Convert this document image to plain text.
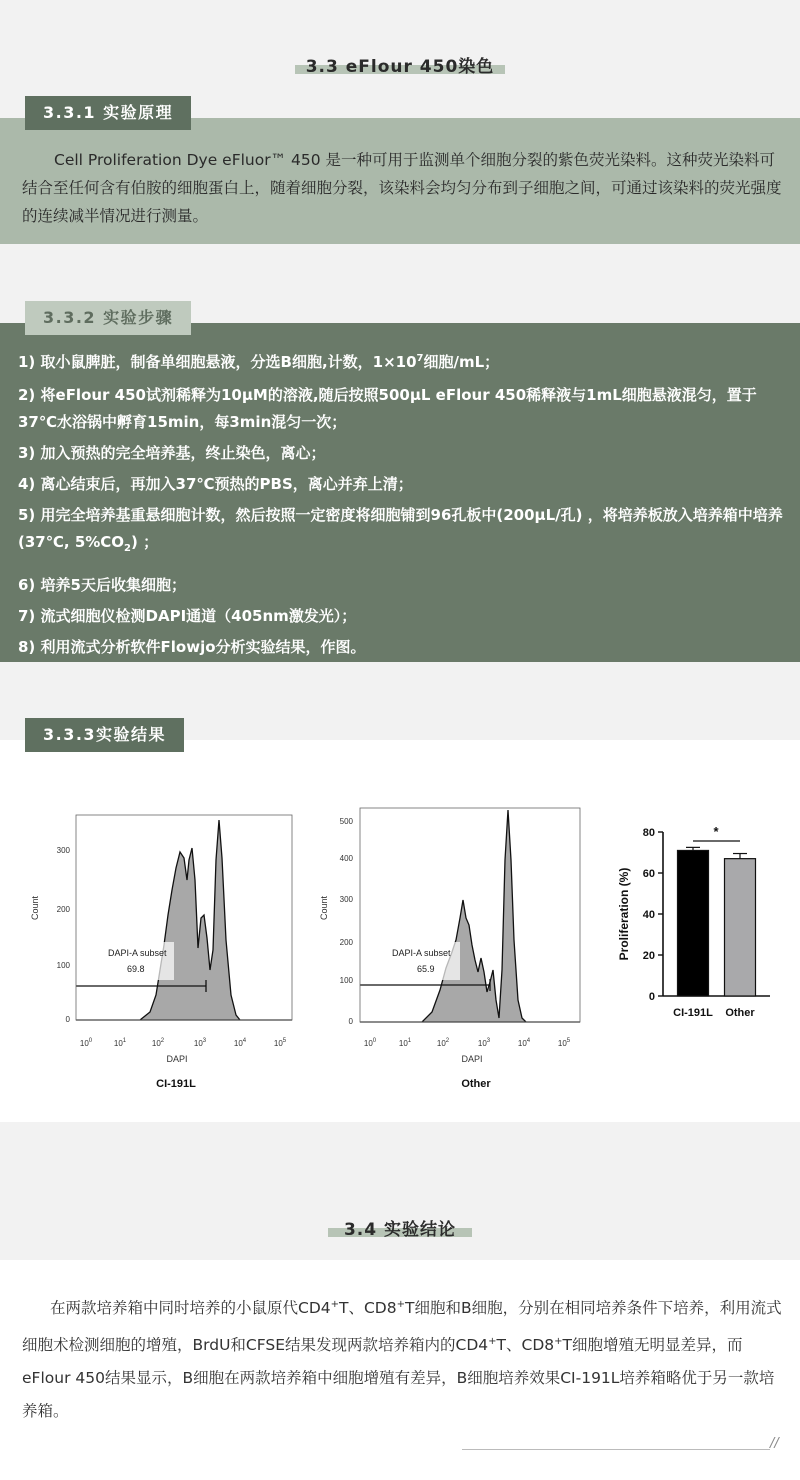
3.3 eFlour 450染色

Cell Proliferation Dye eFluor™ 450 是一种可用于监测单个细胞分裂的紫色荧光染料。这种荧光染料可结合至任何含有伯胺的细胞蛋白上，随着细胞分裂，该染料会均匀分布到子细胞之间，可通过该染料的荧光强度的连续减半情况进行测量。

3.3.1 实验原理

1) 取小鼠脾脏，制备单细胞悬液，分选B细胞,计数，$1\times 10^7$细胞/mL；

2) 将eFlour 450试剂稀释为10μM的溶液,随后按照500μL eFlour 450稀释液与1mL细胞悬液混匀，置于37℃水浴锅中孵育15min，每3min混匀一次；

3) 加入预热的完全培养基，终止染色，离心；

4) 离心结束后，再加入37℃预热的PBS，离心并弃上清；

5) 用完全培养基重悬细胞计数，然后按照一定密度将细胞铺到96孔板中(200μL/孔) ，将培养板放入培养箱中培养(37℃, $5\%CO_2$) ；

6) 培养5天后收集细胞；

7) 流式细胞仪检测DAPI通道（405nm激发光）；

8) 利用流式分析软件Flowjo分析实验结果，作图。

3.3.2 实验步骤
DAPI-A subset
69.8
0
100
200
300
$10^0$	$10^1$	$10^2$	$10^3$	$10^4$	$10^5$
DAPI
Count
CI-191L
DAPI-A subset
65.9
0
100
200
300
400
500
$10^0$	$10^1$	$10^2$	$10^3$	$10^4$	$10^5$
DAPI
Count
Other
Proliferation (%)
0
20
40
60
80
CI-191L Other
*
3.3.3实验结果
3.4 实验结论

在两款培养箱中同时培养的小鼠原代CD4+T、CD8+T细胞和B细胞，分别在相同培养条件下培养，利用流式细胞术检测细胞的增殖，BrdU和CFSE结果发现两款培养箱内的CD4+T、CD8+T细胞增殖无明显差异，而eFlour 450结果显示，B细胞在两款培养箱中细胞增殖有差异，B细胞培养效果CI-191L培养箱略优于另一款培养箱。

//
